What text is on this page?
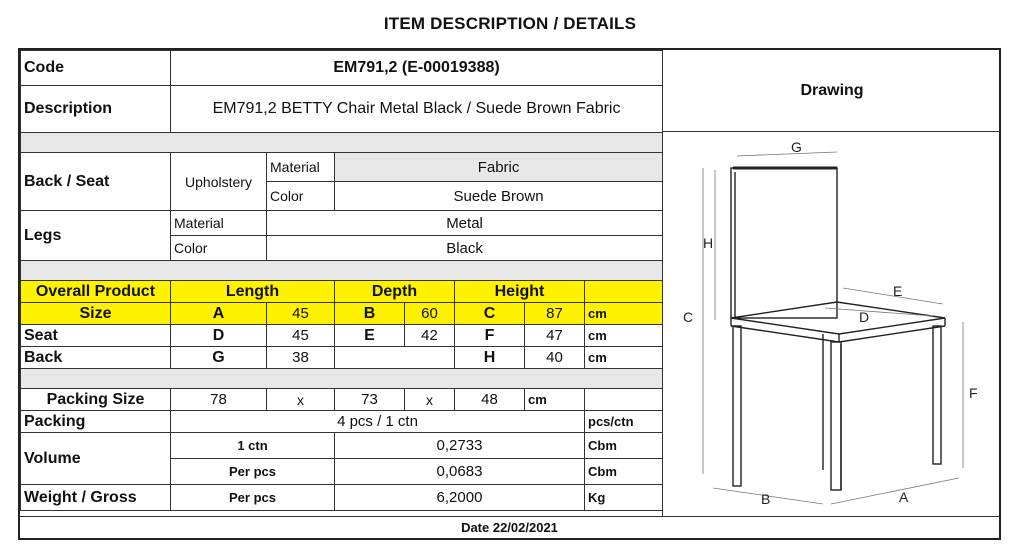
ITEM DESCRIPTION / DETAILS
Code	EM791,2 (E-00019388)						
Description	EM791,2 BETTY Chair Metal Black / Suede Brown Fabric						

Back / Seat	Upholstery	Material	Fabric				
		Color	Suede Brown				
Legs	Material	Metal					
	Color	Black					

Overall Product	Length		Depth		Height		
Size	A	45	B	60	C	87	cm
Seat	D	45	E	42	F	47	cm
Back	G	38			H	40	cm

Packing Size	78	x	73	x	48	cm	
Packing	4 pcs / 1 ctn						pcs/ctn
Volume	1 ctn		0,2733				Cbm
	Per pcs		0,0683				Cbm
Weight / Gross	Per pcs		6,2000				Kg
Drawing
G
H
C
E
D
F
B	A
Date 22/02/2021
